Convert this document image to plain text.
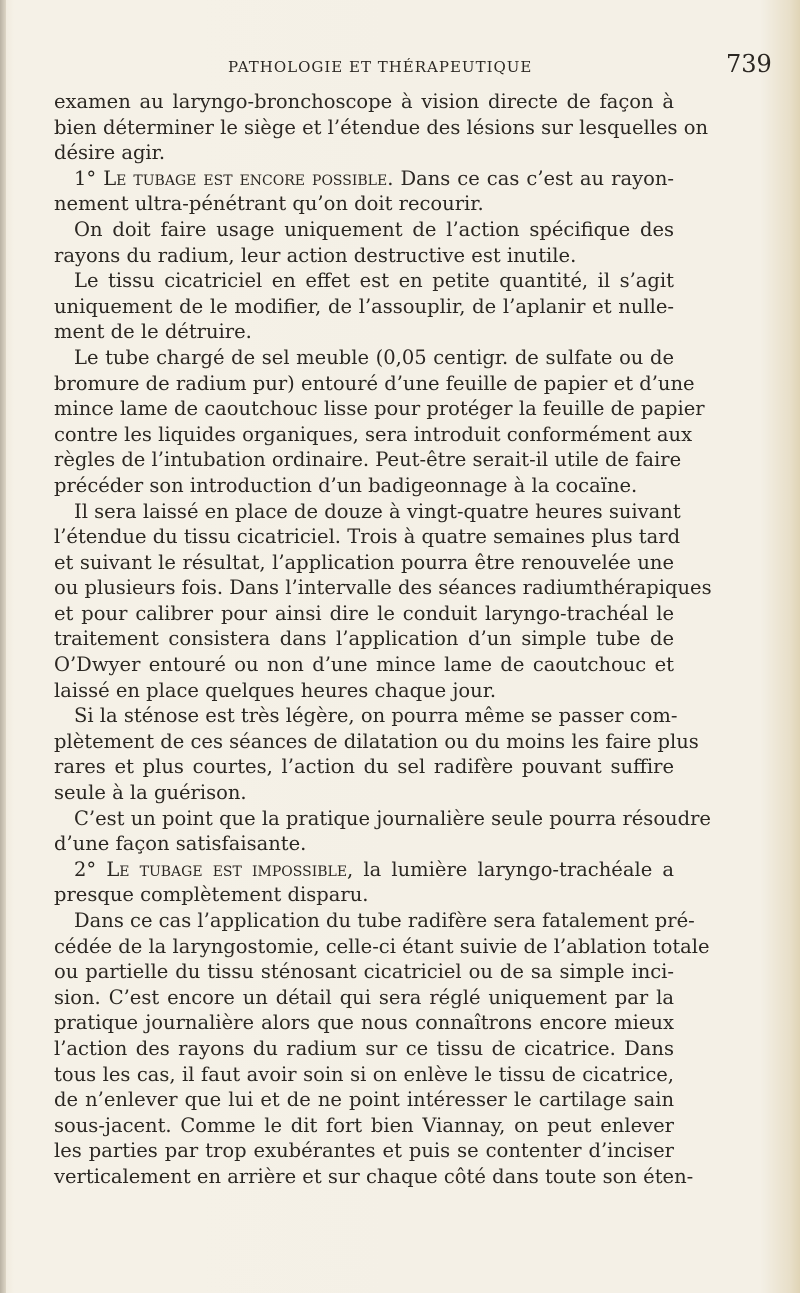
PATHOLOGIE ET THÉRAPEUTIQUE	739
examen au laryngo-bronchoscope à vision directe de façon à
bien déterminer le siège et l’étendue des lésions sur lesquelles on
désire agir.
1° Le tubage est encore possible. Dans ce cas c’est au rayon-
nement ultra-pénétrant qu’on doit recourir.
On doit faire usage uniquement de l’action spécifique des
rayons du radium, leur action destructive est inutile.
Le tissu cicatriciel en effet est en petite quantité, il s’agit
uniquement de le modifier, de l’assouplir, de l’aplanir et nulle-
ment de le détruire.
Le tube chargé de sel meuble (0,05 centigr. de sulfate ou de
bromure de radium pur) entouré d’une feuille de papier et d’une
mince lame de caoutchouc lisse pour protéger la feuille de papier
contre les liquides organiques, sera introduit conformément aux
règles de l’intubation ordinaire. Peut-être serait-il utile de faire
précéder son introduction d’un badigeonnage à la cocaïne.
Il sera laissé en place de douze à vingt-quatre heures suivant
l’étendue du tissu cicatriciel. Trois à quatre semaines plus tard
et suivant le résultat, l’application pourra être renouvelée une
ou plusieurs fois. Dans l’intervalle des séances radiumthérapiques
et pour calibrer pour ainsi dire le conduit laryngo-trachéal le
traitement consistera dans l’application d’un simple tube de
O’Dwyer entouré ou non d’une mince lame de caoutchouc et
laissé en place quelques heures chaque jour.
Si la sténose est très légère, on pourra même se passer com-
plètement de ces séances de dilatation ou du moins les faire plus
rares et plus courtes, l’action du sel radifère pouvant suffire
seule à la guérison.
C’est un point que la pratique journalière seule pourra résoudre
d’une façon satisfaisante.
2° Le tubage est impossible, la lumière laryngo-trachéale a
presque complètement disparu.
Dans ce cas l’application du tube radifère sera fatalement pré-
cédée de la laryngostomie, celle-ci étant suivie de l’ablation totale
ou partielle du tissu sténosant cicatriciel ou de sa simple inci-
sion. C’est encore un détail qui sera réglé uniquement par la
pratique journalière alors que nous connaîtrons encore mieux
l’action des rayons du radium sur ce tissu de cicatrice. Dans
tous les cas, il faut avoir soin si on enlève le tissu de cicatrice,
de n’enlever que lui et de ne point intéresser le cartilage sain
sous-jacent. Comme le dit fort bien Viannay, on peut enlever
les parties par trop exubérantes et puis se contenter d’inciser
verticalement en arrière et sur chaque côté dans toute son éten-
